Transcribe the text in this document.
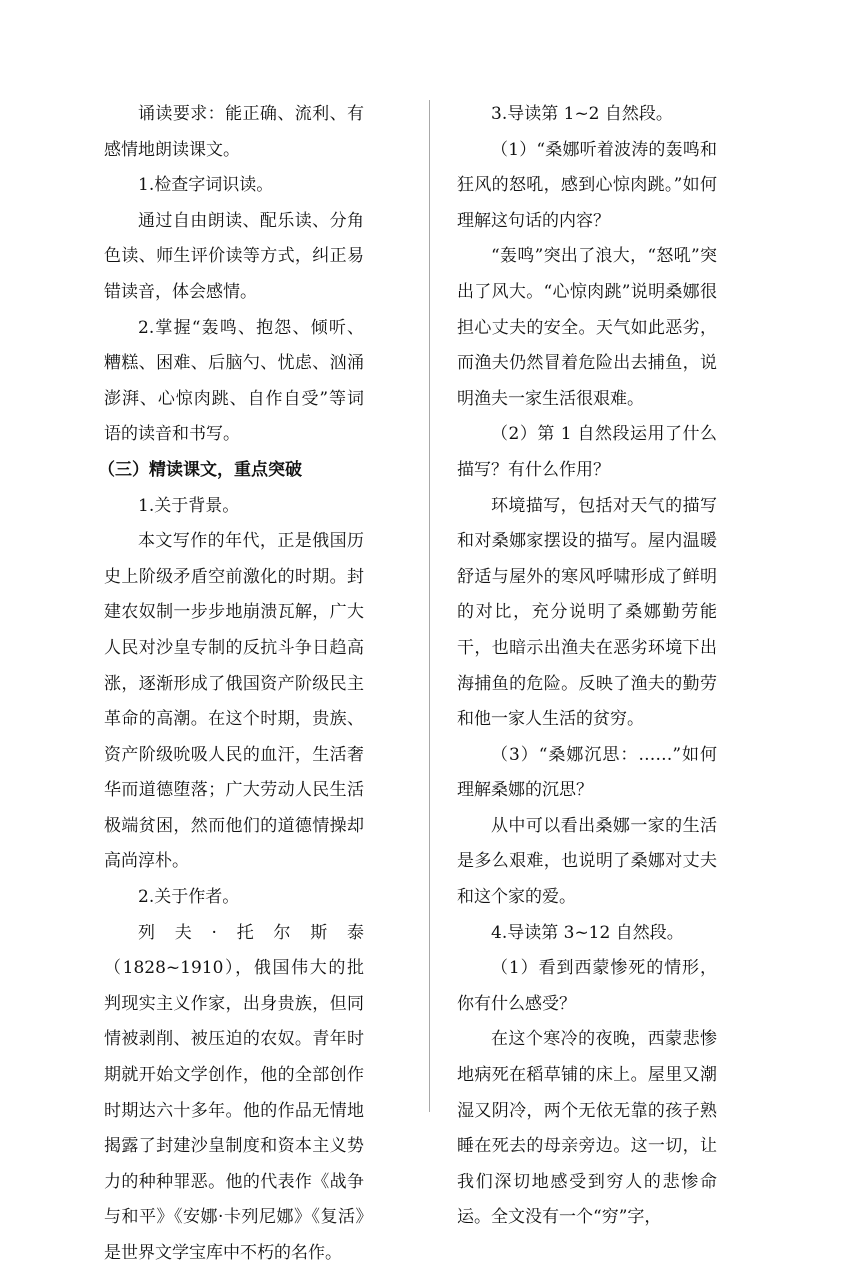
诵读要求：能正确、流利、有感情地朗读课文。

1.检查字词识读。

通过自由朗读、配乐读、分角色读、师生评价读等方式，纠正易错读音，体会感情。

2.掌握“轰鸣、抱怨、倾听、糟糕、困难、后脑勺、忧虑、汹涌澎湃、心惊肉跳、自作自受”等词语的读音和书写。

（三）精读课文，重点突破

1.关于背景。

本文写作的年代，正是俄国历史上阶级矛盾空前激化的时期。封建农奴制一步步地崩溃瓦解，广大人民对沙皇专制的反抗斗争日趋高涨，逐渐形成了俄国资产阶级民主革命的高潮。在这个时期，贵族、资产阶级吮吸人民的血汗，生活奢华而道德堕落；广大劳动人民生活极端贫困，然而他们的道德情操却高尚淳朴。

2.关于作者。

列夫·托尔斯泰　（1828~1910），俄国伟大的批判现实主义作家，出身贵族，但同情被剥削、被压迫的农奴。青年时期就开始文学创作，他的全部创作时期达六十多年。他的作品无情地揭露了封建沙皇制度和资本主义势力的种种罪恶。他的代表作《战争与和平》《安娜·卡列尼娜》《复活》是世界文学宝库中不朽的名作。

3.导读第 1~2 自然段。

（1）“桑娜听着波涛的轰鸣和狂风的怒吼，感到心惊肉跳。”如何理解这句话的内容？

“轰鸣”突出了浪大，“怒吼”突出了风大。“心惊肉跳”说明桑娜很担心丈夫的安全。天气如此恶劣，而渔夫仍然冒着危险出去捕鱼，说明渔夫一家生活很艰难。

（2）第 1 自然段运用了什么描写？有什么作用？

环境描写，包括对天气的描写和对桑娜家摆设的描写。屋内温暖舒适与屋外的寒风呼啸形成了鲜明的对比，充分说明了桑娜勤劳能干，也暗示出渔夫在恶劣环境下出海捕鱼的危险。反映了渔夫的勤劳和他一家人生活的贫穷。

（3）“桑娜沉思：……”如何理解桑娜的沉思？

从中可以看出桑娜一家的生活是多么艰难，也说明了桑娜对丈夫和这个家的爱。

4.导读第 3~12 自然段。

（1）看到西蒙惨死的情形，你有什么感受？

在这个寒冷的夜晚，西蒙悲惨地病死在稻草铺的床上。屋里又潮湿又阴冷，两个无依无靠的孩子熟睡在死去的母亲旁边。这一切，让我们深切地感受到穷人的悲惨命运。全文没有一个“穷”字，
